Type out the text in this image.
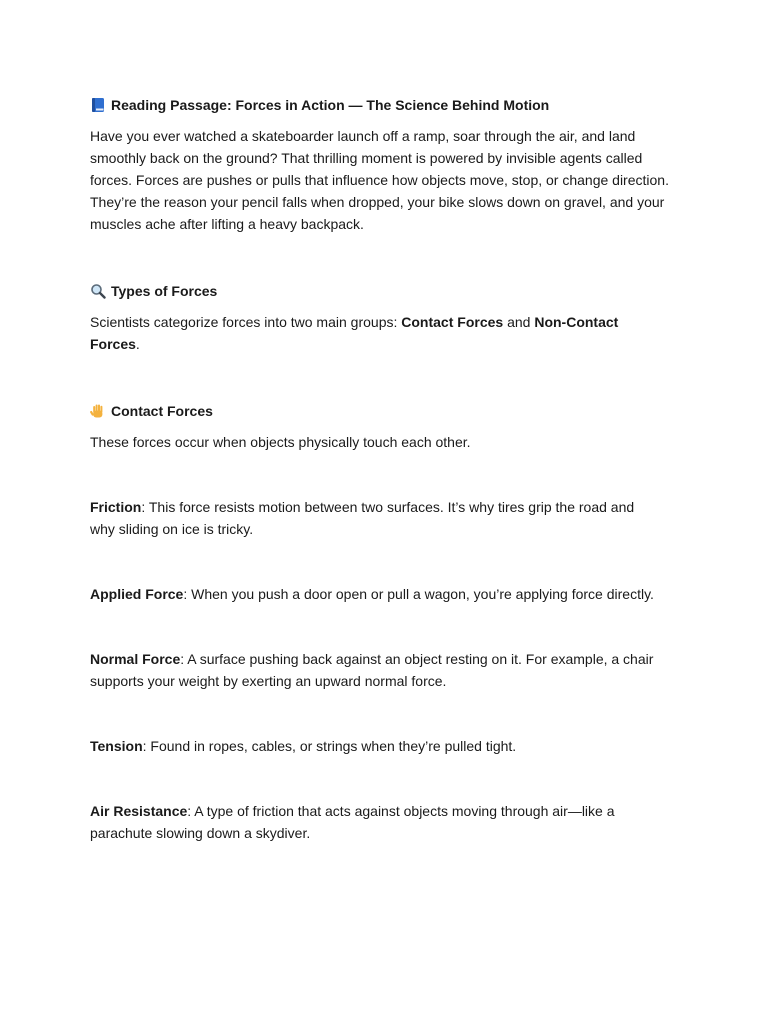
Reading Passage: Forces in Action — The Science Behind Motion

Have you ever watched a skateboarder launch off a ramp, soar through the air, and land smoothly back on the ground? That thrilling moment is powered by invisible agents called forces. Forces are pushes or pulls that influence how objects move, stop, or change direction. They’re the reason your pencil falls when dropped, your bike slows down on gravel, and your muscles ache after lifting a heavy backpack.

Types of Forces

Scientists categorize forces into two main groups: Contact Forces and Non-Contact Forces.

Contact Forces

These forces occur when objects physically touch each other.

Friction: This force resists motion between two surfaces. It’s why tires grip the road and why sliding on ice is tricky.

Applied Force: When you push a door open or pull a wagon, you’re applying force directly.

Normal Force: A surface pushing back against an object resting on it. For example, a chair supports your weight by exerting an upward normal force.

Tension: Found in ropes, cables, or strings when they’re pulled tight.

Air Resistance: A type of friction that acts against objects moving through air—like a parachute slowing down a skydiver.
